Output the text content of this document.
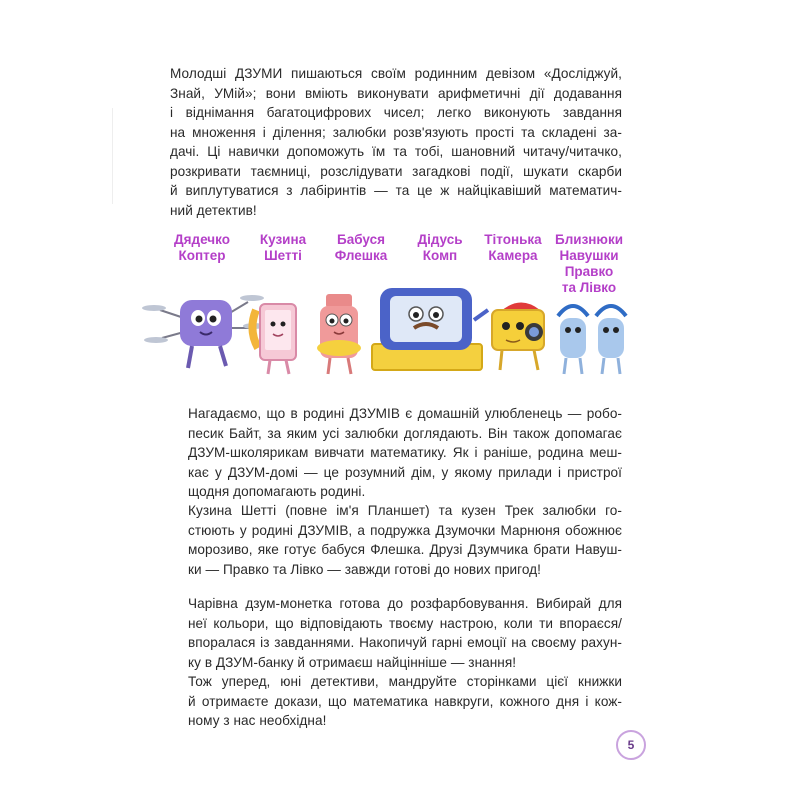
Молодші ДЗУМИ пишаються своїм родинним девізом «Досліджуй,
Знай, УМій»; вони вміють виконувати арифметичні дії додавання
і віднімання багатоцифрових чисел; легко виконують завдання
на множення і ділення; залюбки розв'язують прості та складені за-
дачі. Ці навички допоможуть їм та тобі, шановний читачу/читачко,
розкривати таємниці, розслідувати загадкові події, шукати скарби
й виплутуватися з лабіринтів — та це ж найцікавіший математич-
ний детектив!
Дядечко
Коптер
Кузина
Шетті
Бабуся
Флешка
Дідусь
Комп
Тітонька
Камера
Близнюки
Навушки
Правко
та Лівко
Нагадаємо, що в родині ДЗУМІВ є домашній улюбленець — робо-
песик Байт, за яким усі залюбки доглядають. Він також допомагає
ДЗУМ-школярикам вивчати математику. Як і раніше, родина меш-
кає у ДЗУМ-домі — це розумний дім, у якому прилади і пристрої
щодня допомагають родині.
Кузина Шетті (повне ім'я Планшет) та кузен Трек залюбки го-
стюють у родині ДЗУМІВ, а подружка Дзумочки Марнюня обожнює
морозиво, яке готує бабуся Флешка. Друзі Дзумчика брати Навуш-
ки — Правко та Лівко — завжди готові до нових пригод!
Чарівна дзум-монетка готова до розфарбовування. Вибирай для
неї кольори, що відповідають твоєму настрою, коли ти впораєся/
впоралася із завданнями. Накопичуй гарні емоції на своєму рахун-
ку в ДЗУМ-банку й отримаєш найцінніше — знання!
Тож уперед, юні детективи, мандруйте сторінками цієї книжки
й отримаєте докази, що математика навкруги, кожного дня і кож-
ному з нас необхідна!
5
